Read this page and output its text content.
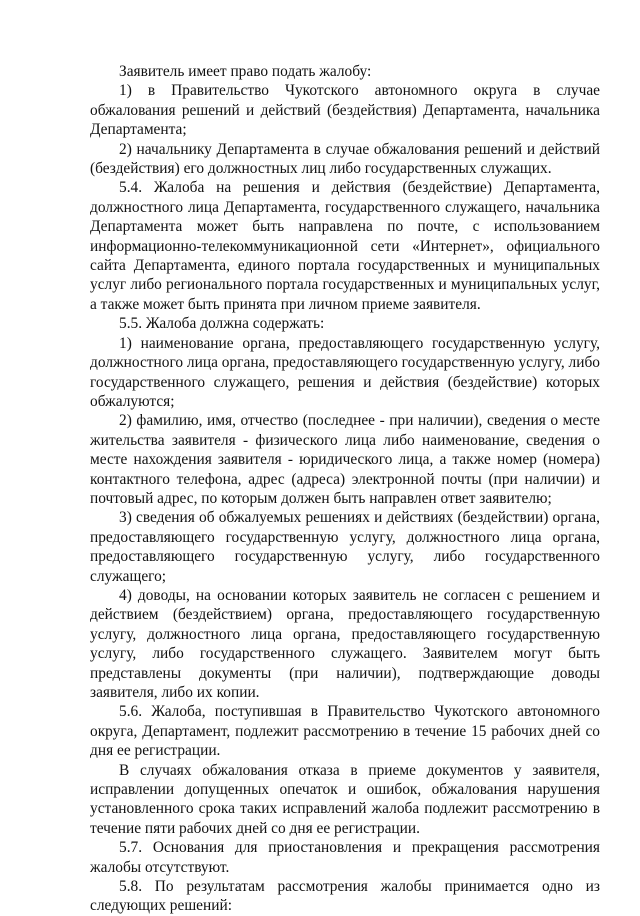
Заявитель имеет право подать жалобу:

1) в Правительство Чукотского автономного округа в случае обжалования решений и действий (бездействия) Департамента, начальника Департамента;

2) начальнику Департамента в случае обжалования решений и действий (бездействия) его должностных лиц либо государственных служащих.

5.4. Жалоба на решения и действия (бездействие) Департамента, должностного лица Департамента, государственного служащего, начальника Департамента может быть направлена по почте, с использованием информационно-телекоммуникационной сети «Интернет», официального сайта Департамента, единого портала государственных и муниципальных услуг либо регионального портала государственных и муниципальных услуг, а также может быть принята при личном приеме заявителя.

5.5. Жалоба должна содержать:

1) наименование органа, предоставляющего государственную услугу, должностного лица органа, предоставляющего государственную услугу, либо государственного служащего, решения и действия (бездействие) которых обжалуются;

2) фамилию, имя, отчество (последнее - при наличии), сведения о месте жительства заявителя - физического лица либо наименование, сведения о месте нахождения заявителя - юридического лица, а также номер (номера) контактного телефона, адрес (адреса) электронной почты (при наличии) и почтовый адрес, по которым должен быть направлен ответ заявителю;

3) сведения об обжалуемых решениях и действиях (бездействии) органа, предоставляющего государственную услугу, должностного лица органа, предоставляющего государственную услугу, либо государственного служащего;

4) доводы, на основании которых заявитель не согласен с решением и действием (бездействием) органа, предоставляющего государственную услугу, должностного лица органа, предоставляющего государственную услугу, либо государственного служащего. Заявителем могут быть представлены документы (при наличии), подтверждающие доводы заявителя, либо их копии.

5.6. Жалоба, поступившая в Правительство Чукотского автономного округа, Департамент, подлежит рассмотрению в течение 15 рабочих дней со дня ее регистрации.

В случаях обжалования отказа в приеме документов у заявителя, исправлении допущенных опечаток и ошибок, обжалования нарушения установленного срока таких исправлений жалоба подлежит рассмотрению в течение пяти рабочих дней со дня ее регистрации.

5.7. Основания для приостановления и прекращения рассмотрения жалобы отсутствуют.

5.8. По результатам рассмотрения жалобы принимается одно из следующих решений:
